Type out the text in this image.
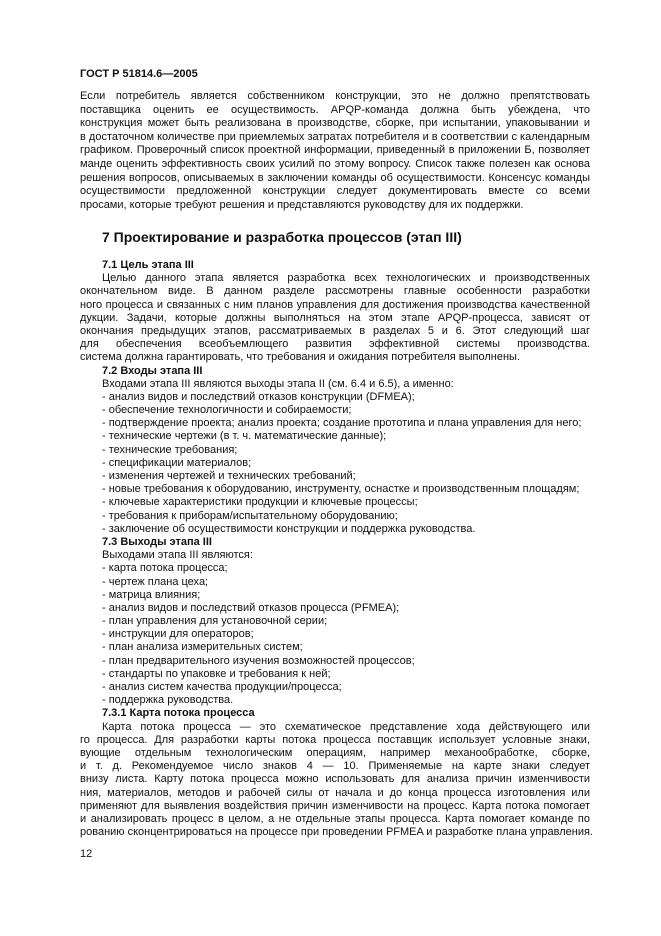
ГОСТ Р 51814.6—2005
Если потребитель является собственником конструкции, это не должно препятствовать
поставщика оценить ее осуществимость. APQP-команда должна быть убеждена, что
конструкция может быть реализована в производстве, сборке, при испытании, упаковывании и
в достаточном количестве при приемлемых затратах потребителя и в соответствии с календарным
графиком. Проверочный список проектной информации, приведенный в приложении Б, позволяет
манде оценить эффективность своих усилий по этому вопросу. Список также полезен как основа
решения вопросов, описываемых в заключении команды об осуществимости. Консенсус команды
осуществимости предложенной конструкции следует документировать вместе со всеми
просами, которые требуют решения и представляются руководству для их поддержки.
7 Проектирование и разработка процессов (этап III)
7.1 Цель этапа III
Целью данного этапа является разработка всех технологических и производственных
окончательном виде. В данном разделе рассмотрены главные особенности разработки
ного процесса и связанных с ним планов управления для достижения производства качественной
дукции. Задачи, которые должны выполняться на этом этапе APQP-процесса, зависят от
окончания предыдущих этапов, рассматриваемых в разделах 5 и 6. Этот следующий шаг
для обеспечения всеобъемлющего развития эффективной системы производства.
система должна гарантировать, что требования и ожидания потребителя выполнены.
7.2 Входы этапа III
Входами этапа III являются выходы этапа II (см. 6.4 и 6.5), а именно:
- анализ видов и последствий отказов конструкции (DFMEA);
- обеспечение технологичности и собираемости;
- подтверждение проекта; анализ проекта; создание прототипа и плана управления для него;
- технические чертежи (в т. ч. математические данные);
- технические требования;
- спецификации материалов;
- изменения чертежей и технических требований;
- новые требования к оборудованию, инструменту, оснастке и производственным площадям;
- ключевые характеристики продукции и ключевые процессы;
- требования к приборам/испытательному оборудованию;
- заключение об осуществимости конструкции и поддержка руководства.
7.3 Выходы этапа III
Выходами этапа III являются:
- карта потока процесса;
- чертеж плана цеха;
- матрица влияния;
- анализ видов и последствий отказов процесса (PFMEA);
- план управления для установочной серии;
- инструкции для операторов;
- план анализа измерительных систем;
- план предварительного изучения возможностей процессов;
- стандарты по упаковке и требования к ней;
- анализ систем качества продукции/процесса;
- поддержка руководства.
7.3.1 Карта потока процесса
Карта потока процесса — это схематическое представление хода действующего или
го процесса. Для разработки карты потока процесса поставщик использует условные знаки,
вующие отдельным технологическим операциям, например механообработке, сборке,
и т. д. Рекомендуемое число знаков 4 — 10. Применяемые на карте знаки следует
внизу листа. Карту потока процесса можно использовать для анализа причин изменчивости
ния, материалов, методов и рабочей силы от начала и до конца процесса изготовления или
применяют для выявления воздействия причин изменчивости на процесс. Карта потока помогает
и анализировать процесс в целом, а не отдельные этапы процесса. Карта помогает команде по
рованию сконцентрироваться на процессе при проведении PFMEA и разработке плана управления.
12
